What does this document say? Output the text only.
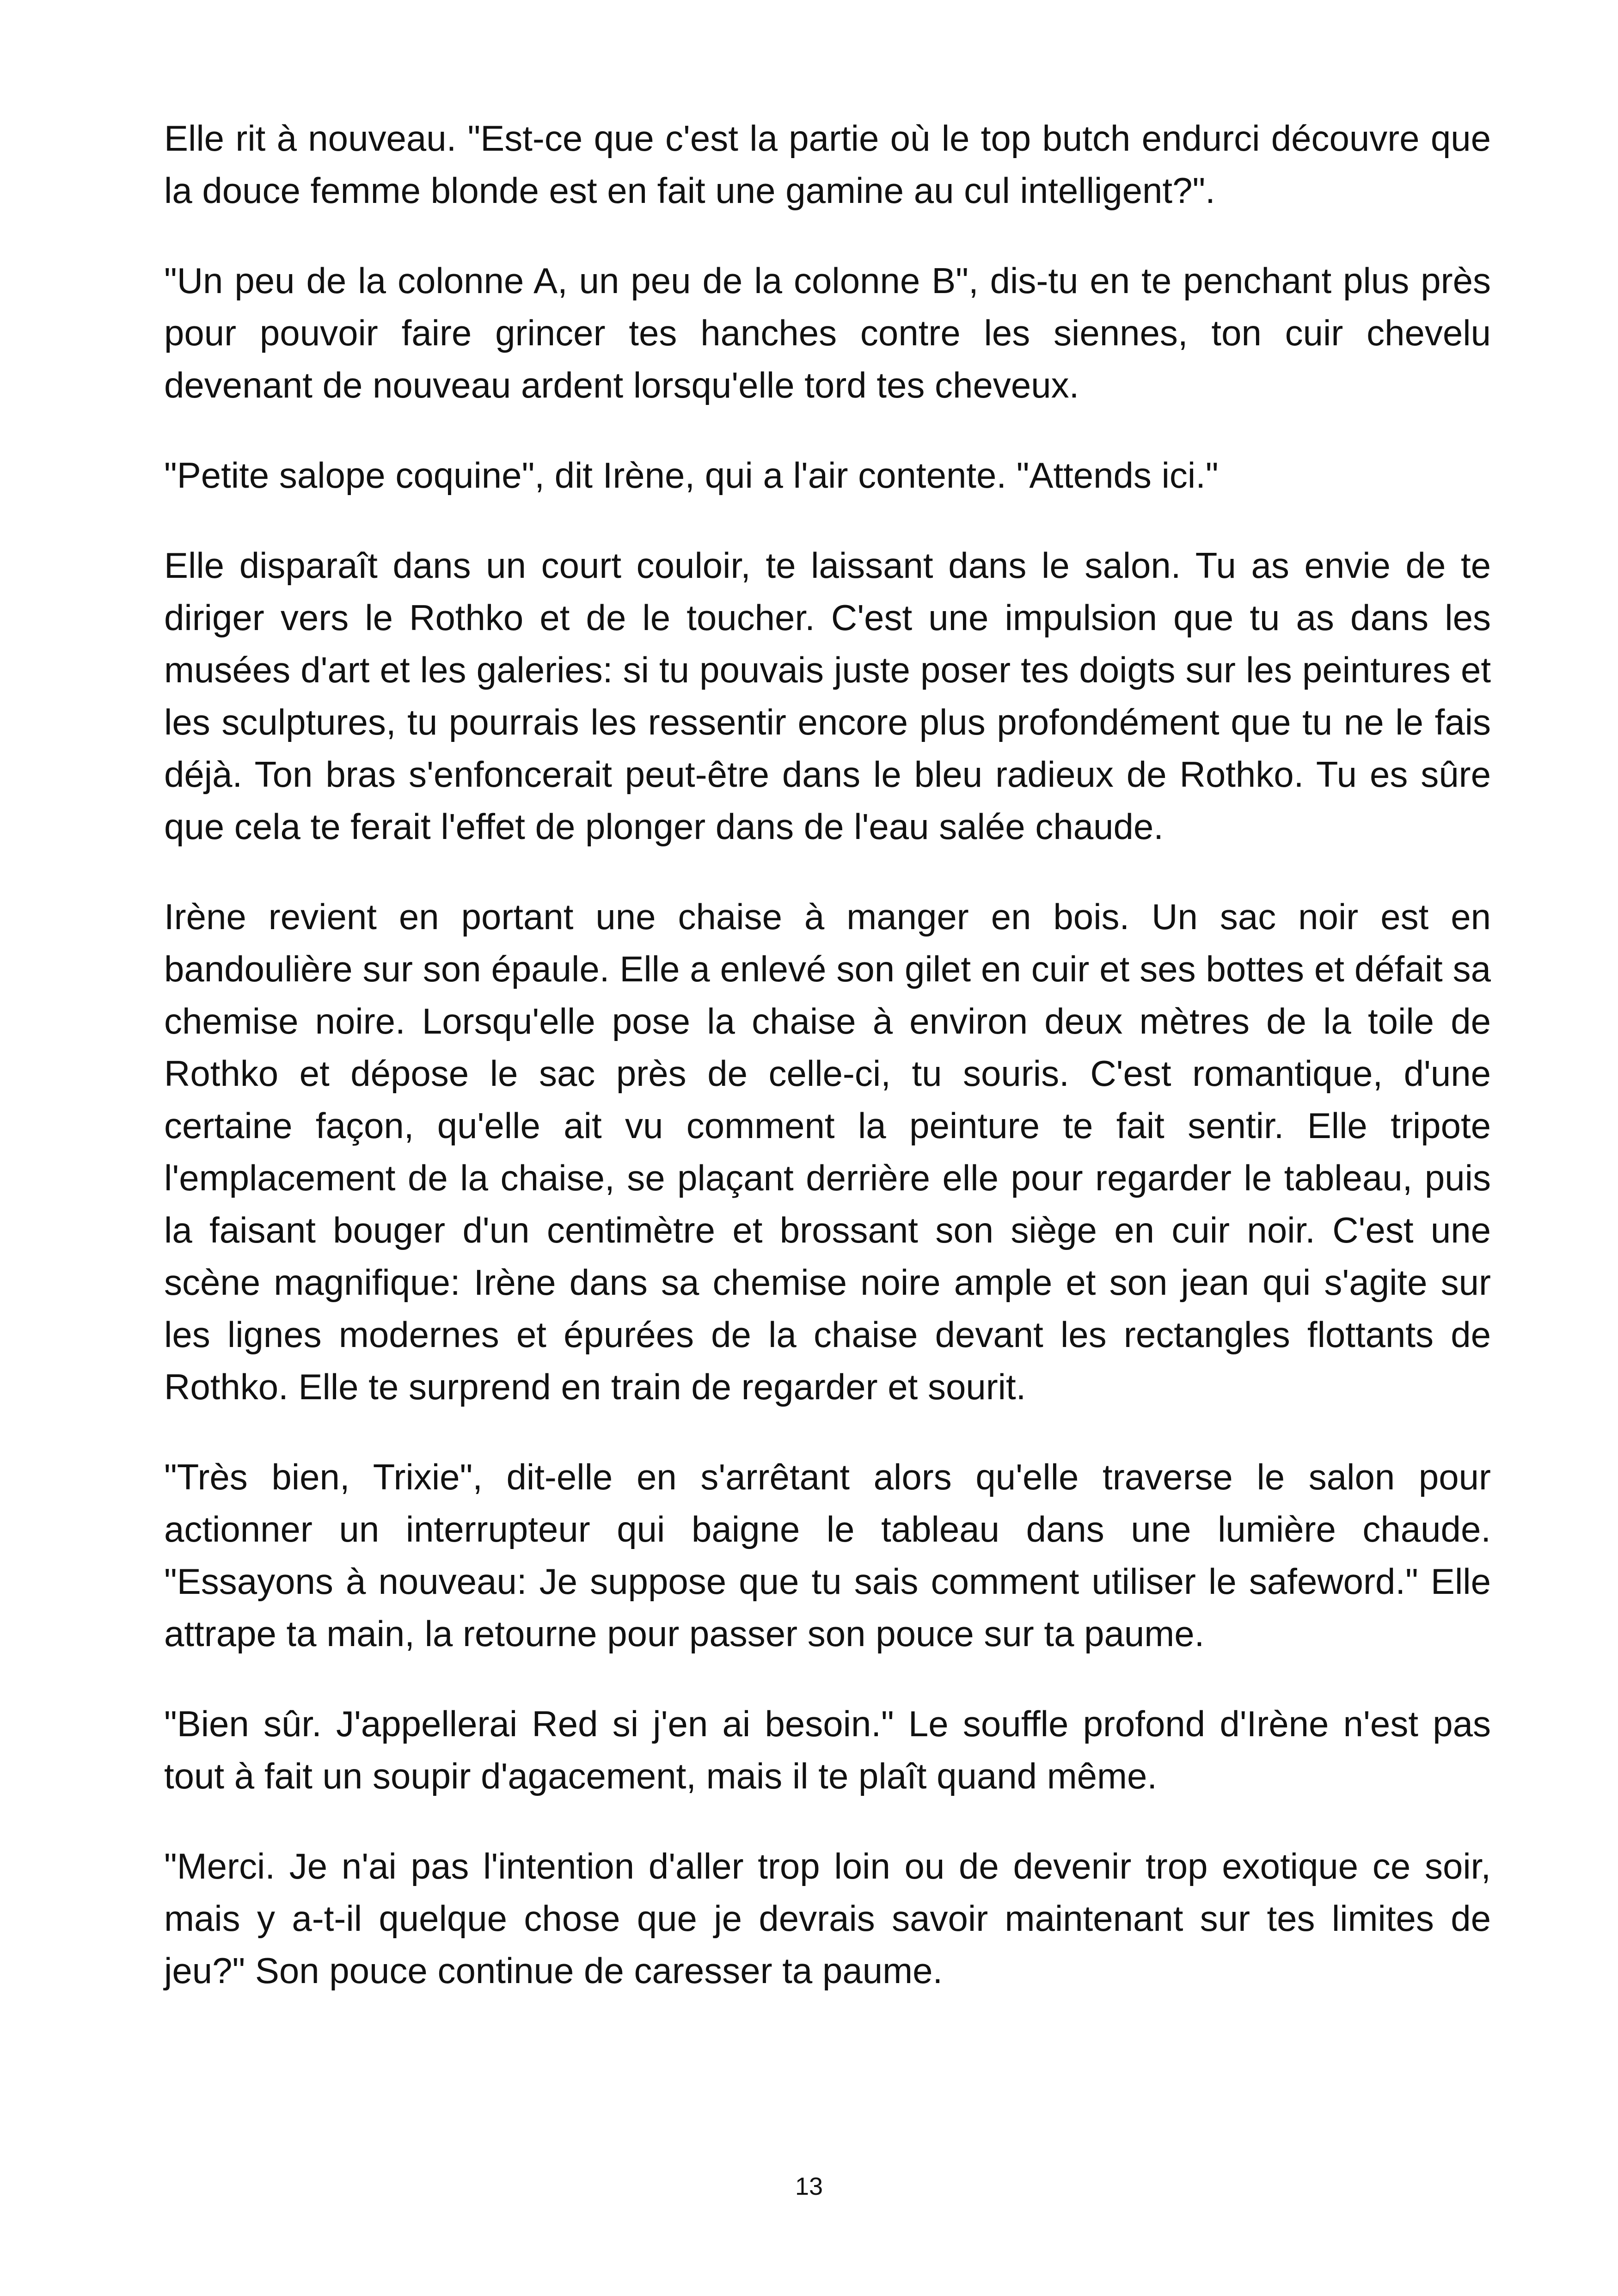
Elle rit à nouveau. "Est-ce que c'est la partie où le top butch endurci découvre que la douce femme blonde est en fait une gamine au cul intelligent?".

"Un peu de la colonne A, un peu de la colonne B", dis-tu en te penchant plus près pour pouvoir faire grincer tes hanches contre les siennes, ton cuir chevelu devenant de nouveau ardent lorsqu'elle tord tes cheveux.

"Petite salope coquine", dit Irène, qui a l'air contente. "Attends ici."

Elle disparaît dans un court couloir, te laissant dans le salon. Tu as envie de te diriger vers le Rothko et de le toucher. C'est une impulsion que tu as dans les musées d'art et les galeries: si tu pouvais juste poser tes doigts sur les peintures et les sculptures, tu pourrais les ressentir encore plus profondément que tu ne le fais déjà. Ton bras s'enfoncerait peut-être dans le bleu radieux de Rothko. Tu es sûre que cela te ferait l'effet de plonger dans de l'eau salée chaude.

Irène revient en portant une chaise à manger en bois. Un sac noir est en bandoulière sur son épaule. Elle a enlevé son gilet en cuir et ses bottes et défait sa chemise noire. Lorsqu'elle pose la chaise à environ deux mètres de la toile de Rothko et dépose le sac près de celle-ci, tu souris. C'est romantique, d'une certaine façon, qu'elle ait vu comment la peinture te fait sentir. Elle tripote l'emplacement de la chaise, se plaçant derrière elle pour regarder le tableau, puis la faisant bouger d'un centimètre et brossant son siège en cuir noir. C'est une scène magnifique: Irène dans sa chemise noire ample et son jean qui s'agite sur les lignes modernes et épurées de la chaise devant les rectangles flottants de Rothko. Elle te surprend en train de regarder et sourit.

"Très bien, Trixie", dit-elle en s'arrêtant alors qu'elle traverse le salon pour actionner un interrupteur qui baigne le tableau dans une lumière chaude. "Essayons à nouveau: Je suppose que tu sais comment utiliser le safeword." Elle attrape ta main, la retourne pour passer son pouce sur ta paume.

"Bien sûr. J'appellerai Red si j'en ai besoin." Le souffle profond d'Irène n'est pas tout à fait un soupir d'agacement, mais il te plaît quand même.

"Merci. Je n'ai pas l'intention d'aller trop loin ou de devenir trop exotique ce soir, mais y a-t-il quelque chose que je devrais savoir maintenant sur tes limites de jeu?" Son pouce continue de caresser ta paume.

13
